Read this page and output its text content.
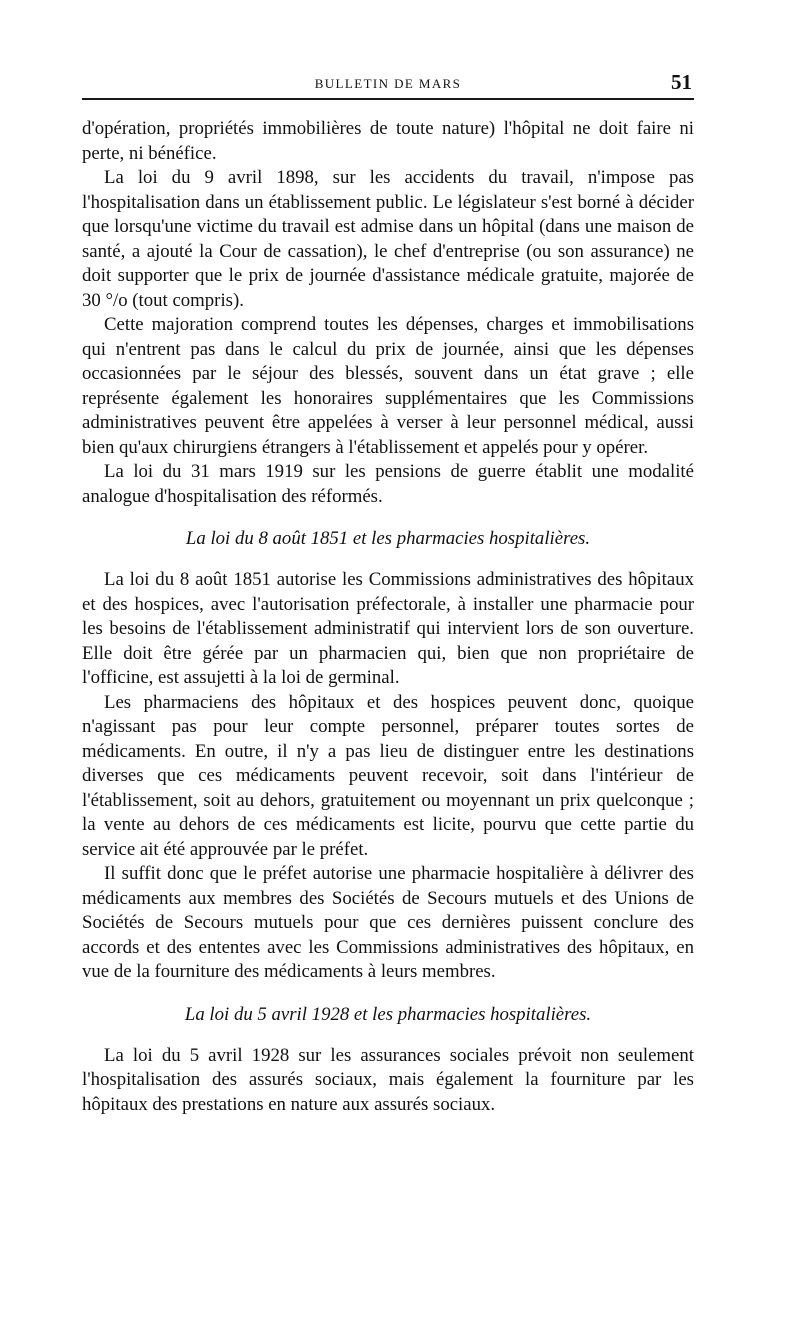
BULLETIN DE MARS	51

d'opération, propriétés immobilières de toute nature) l'hôpital ne doit faire ni perte, ni bénéfice.

La loi du 9 avril 1898, sur les accidents du travail, n'impose pas l'hospitalisation dans un établissement public. Le législateur s'est borné à décider que lorsqu'une victime du travail est admise dans un hôpital (dans une maison de santé, a ajouté la Cour de cassation), le chef d'entreprise (ou son assurance) ne doit supporter que le prix de journée d'assistance médicale gratuite, majorée de 30 °/o (tout compris).

Cette majoration comprend toutes les dépenses, charges et immobilisations qui n'entrent pas dans le calcul du prix de journée, ainsi que les dépenses occasionnées par le séjour des blessés, souvent dans un état grave ; elle représente également les honoraires supplémentaires que les Commissions administratives peuvent être appelées à verser à leur personnel médical, aussi bien qu'aux chirurgiens étrangers à l'établissement et appelés pour y opérer.

La loi du 31 mars 1919 sur les pensions de guerre établit une modalité analogue d'hospitalisation des réformés.

La loi du 8 août 1851 et les pharmacies hospitalières.

La loi du 8 août 1851 autorise les Commissions administratives des hôpitaux et des hospices, avec l'autorisation préfectorale, à installer une pharmacie pour les besoins de l'établissement administratif qui intervient lors de son ouverture. Elle doit être gérée par un pharmacien qui, bien que non propriétaire de l'officine, est assujetti à la loi de germinal.

Les pharmaciens des hôpitaux et des hospices peuvent donc, quoique n'agissant pas pour leur compte personnel, préparer toutes sortes de médicaments. En outre, il n'y a pas lieu de distinguer entre les destinations diverses que ces médicaments peuvent recevoir, soit dans l'intérieur de l'établissement, soit au dehors, gratuitement ou moyennant un prix quelconque ; la vente au dehors de ces médicaments est licite, pourvu que cette partie du service ait été approuvée par le préfet.

Il suffit donc que le préfet autorise une pharmacie hospitalière à délivrer des médicaments aux membres des Sociétés de Secours mutuels et des Unions de Sociétés de Secours mutuels pour que ces dernières puissent conclure des accords et des ententes avec les Commissions administratives des hôpitaux, en vue de la fourniture des médicaments à leurs membres.

La loi du 5 avril 1928 et les pharmacies hospitalières.

La loi du 5 avril 1928 sur les assurances sociales prévoit non seulement l'hospitalisation des assurés sociaux, mais également la fourniture par les hôpitaux des prestations en nature aux assurés sociaux.
